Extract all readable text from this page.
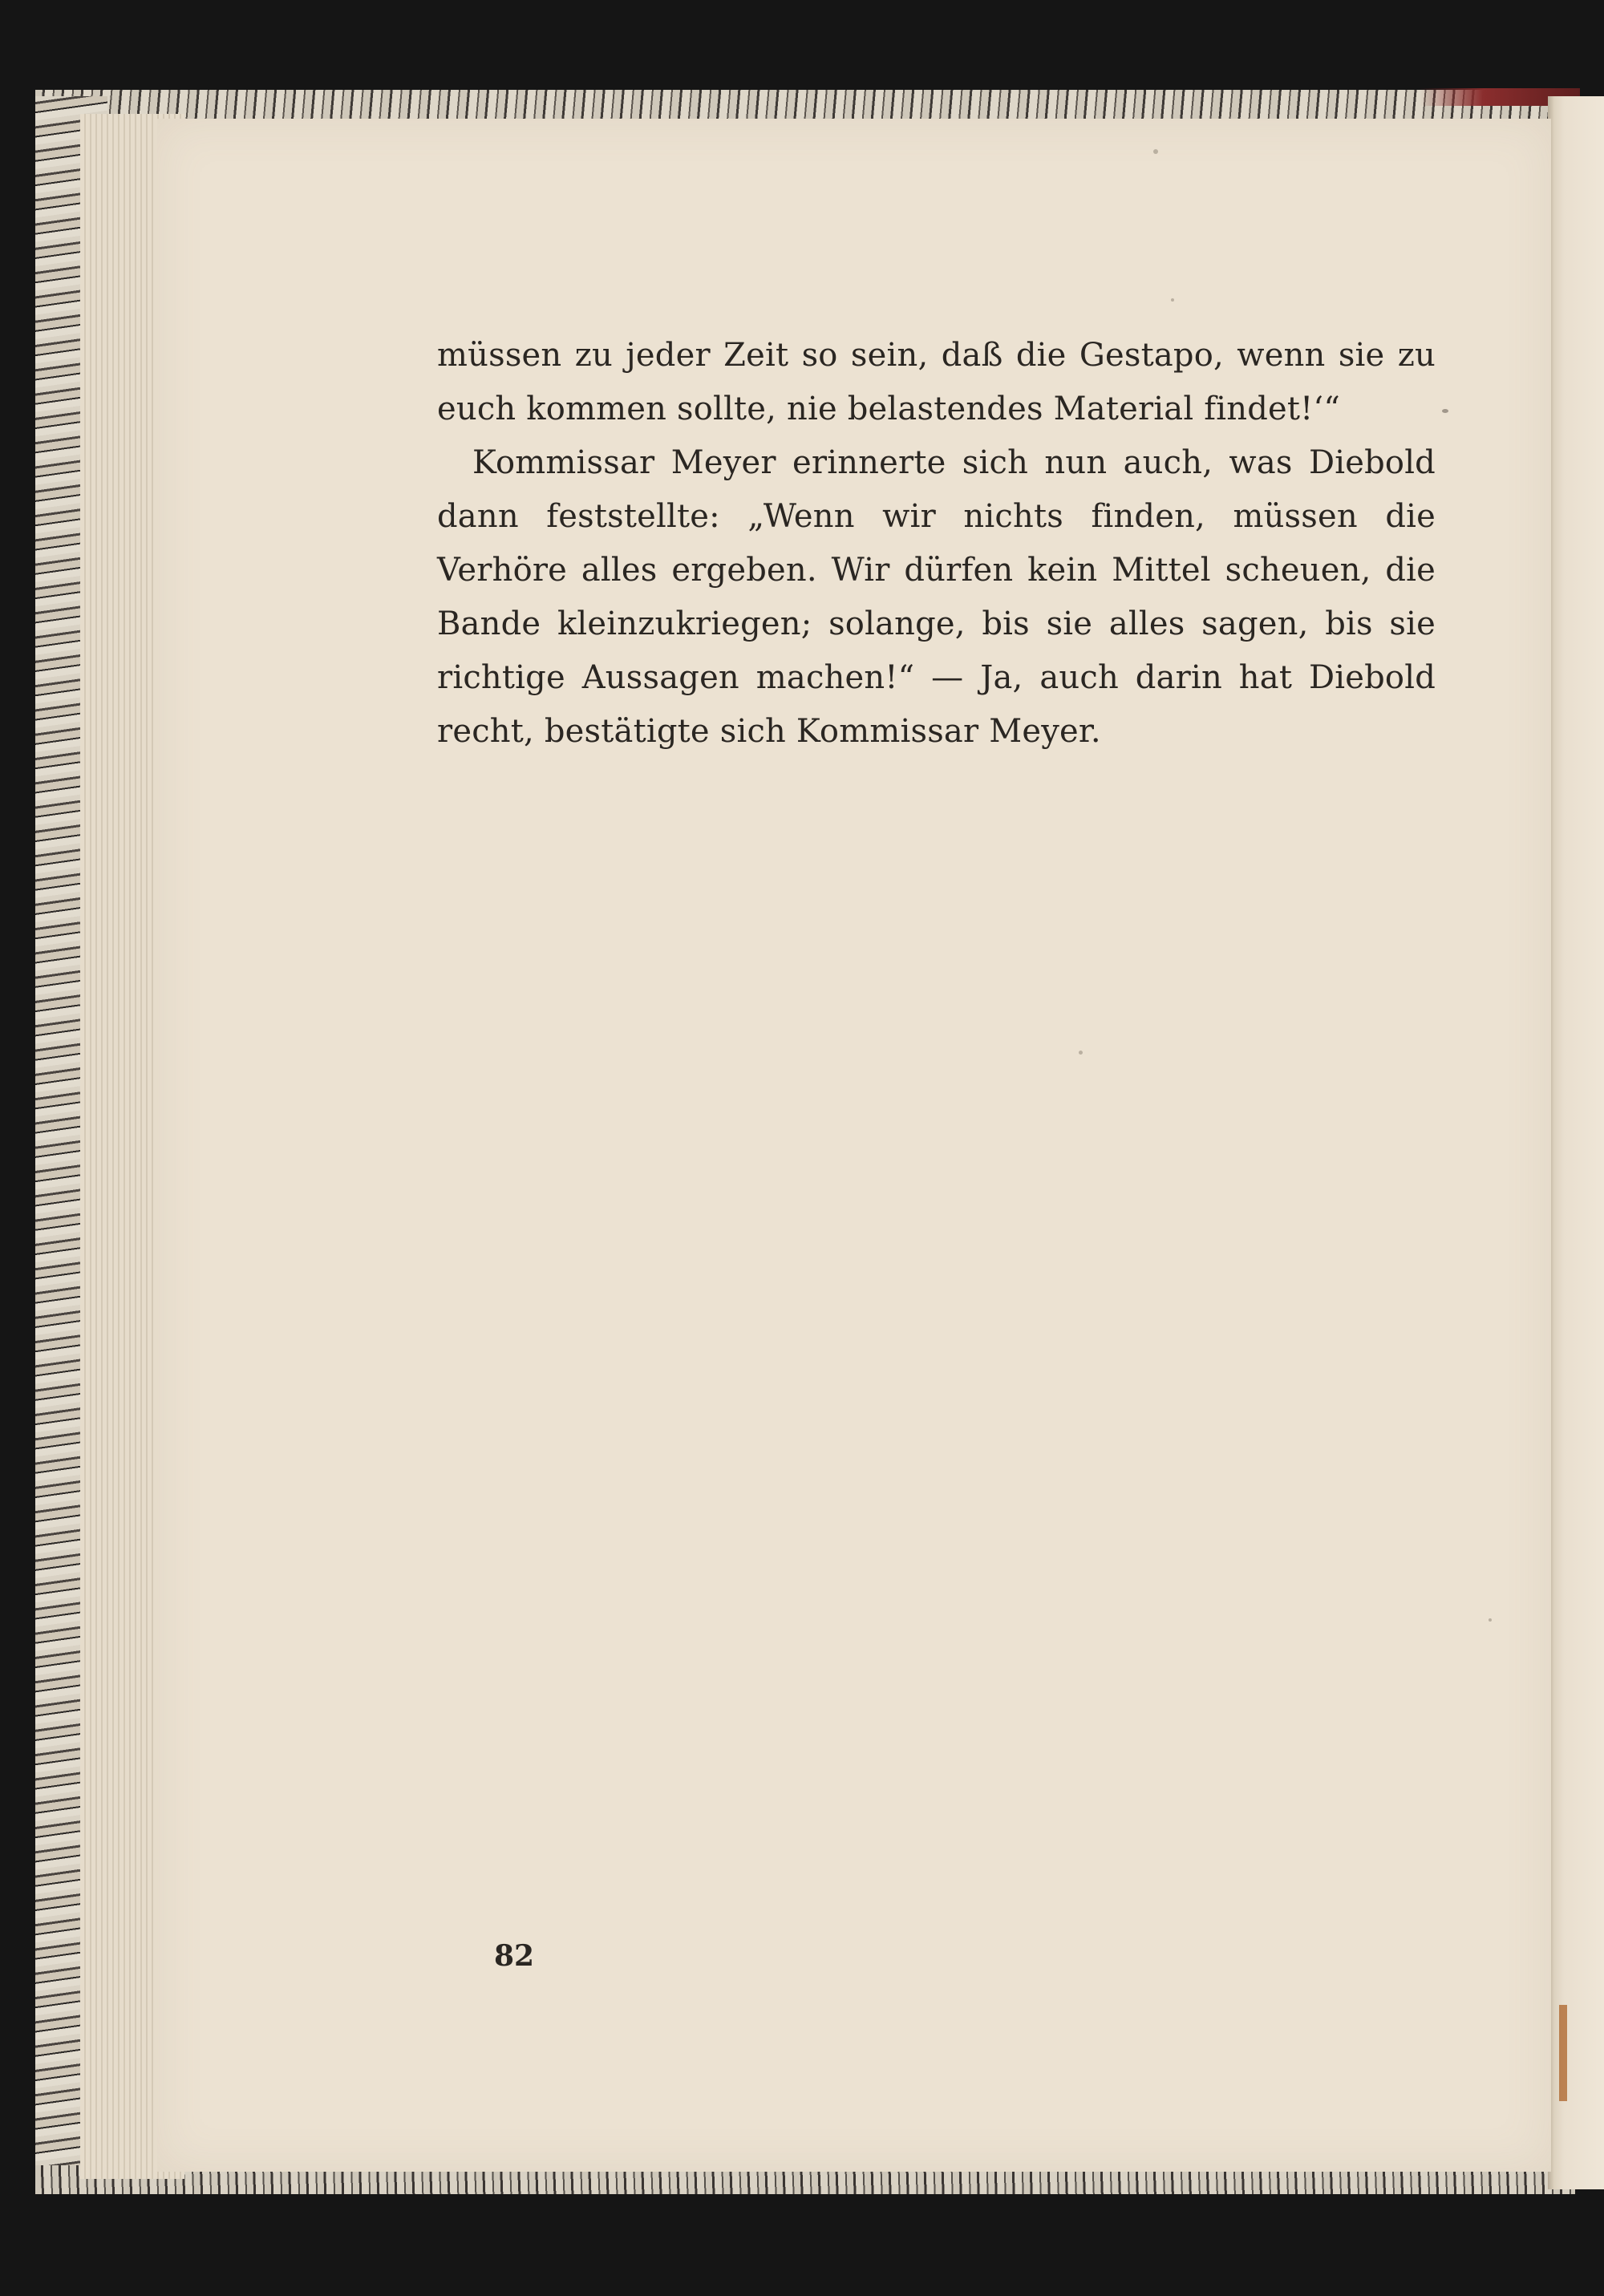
müssen zu jeder Zeit so sein, daß die Gestapo, wenn sie zu euch kommen sollte, nie belastendes Material findet!‘“

Kommissar Meyer erinnerte sich nun auch, was Diebold dann feststellte: „Wenn wir nichts finden, müssen die Verhöre alles ergeben. Wir dürfen kein Mittel scheuen, die Bande kleinzukriegen; solange, bis sie alles sagen, bis sie richtige Aussagen machen!“ — Ja, auch darin hat Diebold recht, bestätigte sich Kommissar Meyer.

82
